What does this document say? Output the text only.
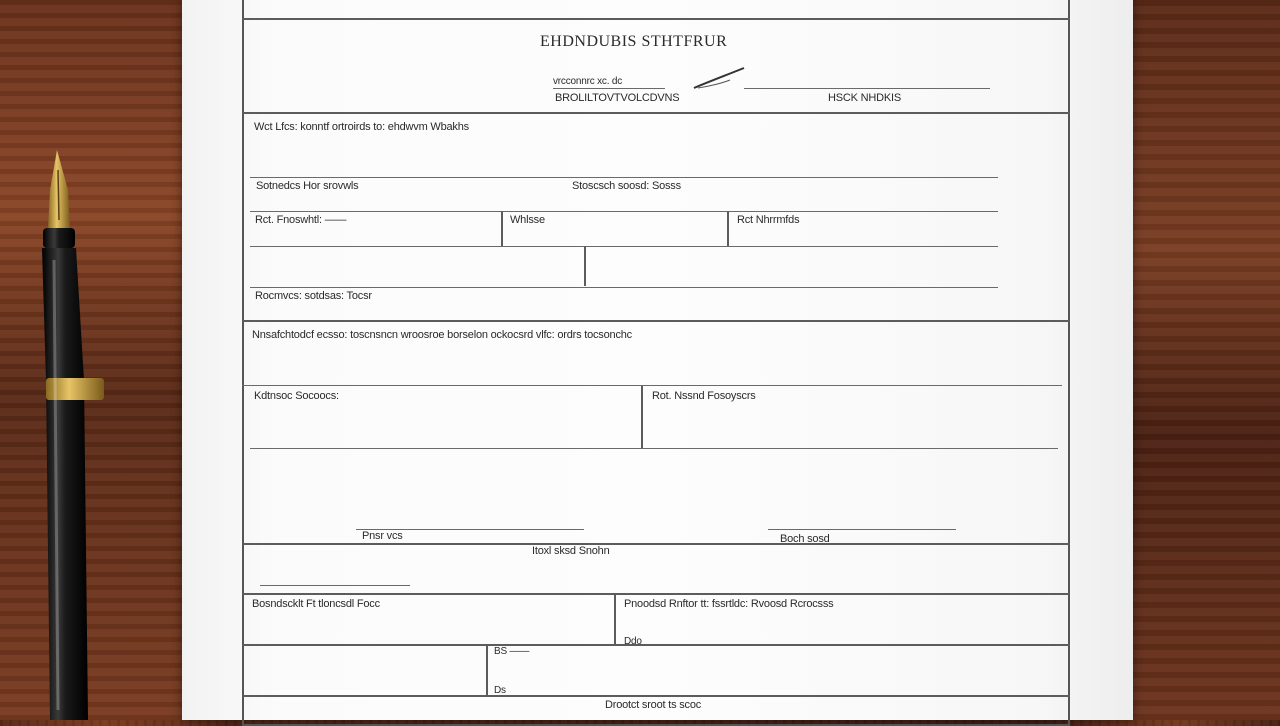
EHDNDUBIS STHTFRUR
vrcconnrc xc. dc
BROLILTOVTVOLCDVNS	HSCK NHDKIS
Wct Lfcs: konntf ortroirds to: ehdwvm Wbakhs
Sotnedcs Hor srovwls	Stoscsch soosd: Sosss
Rct. Fnoswhtl: ——	Whlsse	Rct Nhrrmfds
Rocmvcs: sotdsas: Tocsr
Nnsafchtodcf ecsso: toscnsncn wroosroe borselon ockocsrd vlfc: ordrs tocsonchc
Kdtnsoc Socoocs:	Rot. Nssnd Fosoyscrs
Pnsr vcs	Boch sosd
Itoxl sksd Snohn
Bosndscklt Ft tloncsdl Focc	Pnoodsd Rnftor tt: fssrtldc: Rvoosd Rcrocsss
Ddo
BS ——
Ds
Drootct sroot ts scoc
